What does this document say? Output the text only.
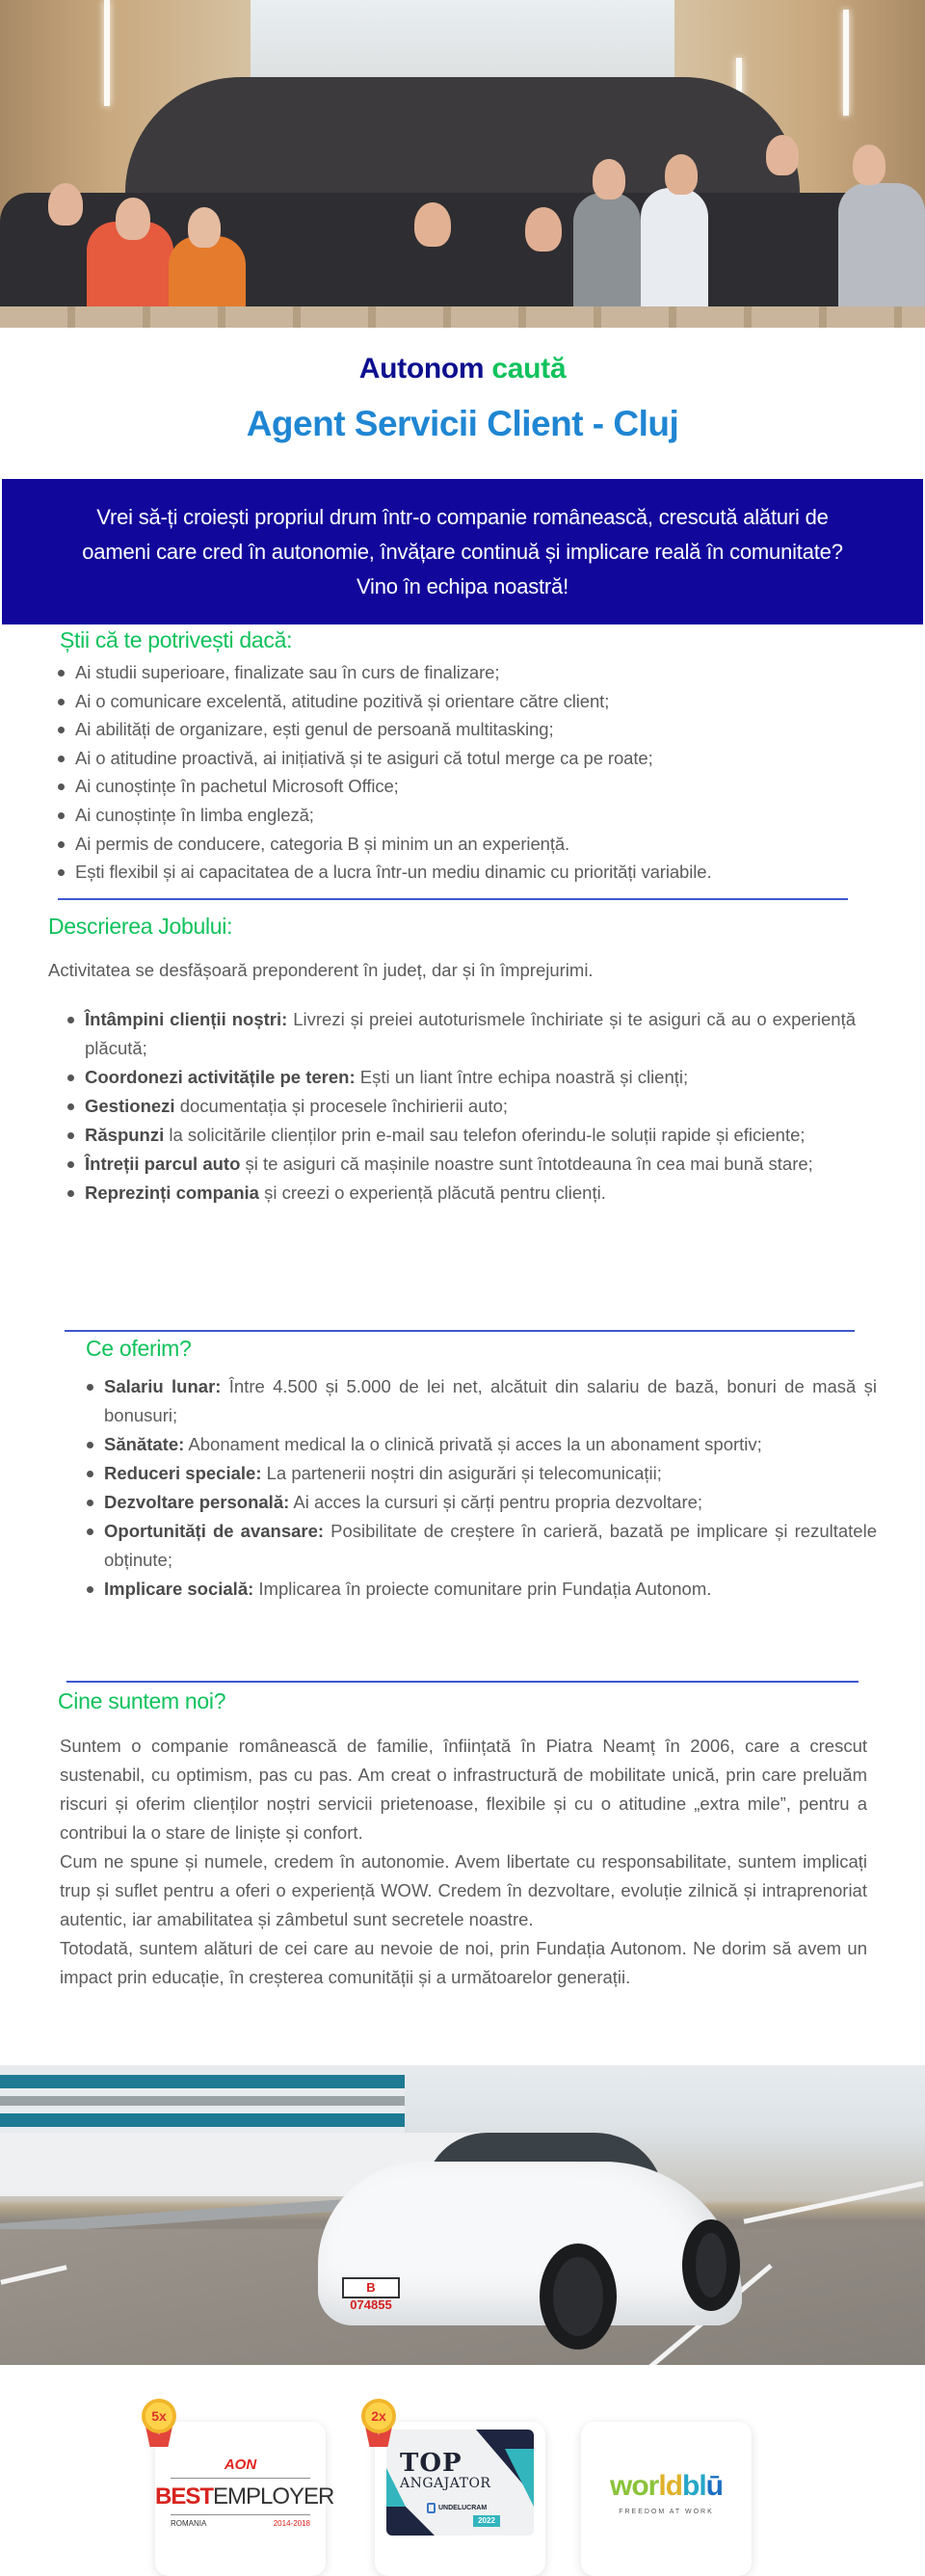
Autonom caută
Agent Servicii Client - Cluj

Vrei să-ți croiești propriul drum într-o companie românească, crescută alături de oameni care cred în autonomie, învățare continuă și implicare reală în comunitate? Vino în echipa noastră!

Știi că te potrivești dacă:
Ai studii superioare, finalizate sau în curs de finalizare;
Ai o comunicare excelentă, atitudine pozitivă și orientare către client;
Ai abilități de organizare, ești genul de persoană multitasking;
Ai o atitudine proactivă, ai inițiativă și te asiguri că totul merge ca pe roate;
Ai cunoștințe în pachetul Microsoft Office;
Ai cunoștințe în limba engleză;
Ai permis de conducere, categoria B și minim un an experiență.
Ești flexibil și ai capacitatea de a lucra într-un mediu dinamic cu priorități variabile.
Descrierea Jobului:
Activitatea se desfășoară preponderent în județ, dar și în împrejurimi.
Întâmpini clienții noștri: Livrezi și preiei autoturismele închiriate și te asiguri că au o experiență plăcută;
Coordonezi activitățile pe teren: Ești un liant între echipa noastră și clienți;
Gestionezi documentația și procesele închirierii auto;
Răspunzi la solicitările clienților prin e-mail sau telefon oferindu-le soluții rapide și eficiente;
Întreții parcul auto și te asiguri că mașinile noastre sunt întotdeauna în cea mai bună stare;
Reprezinți compania și creezi o experiență plăcută pentru clienți.
Ce oferim?
Salariu lunar: Între 4.500 și 5.000 de lei net, alcătuit din salariu de bază, bonuri de masă și bonusuri;
Sănătate: Abonament medical la o clinică privată și acces la un abonament sportiv;
Reduceri speciale: La partenerii noștri din asigurări și telecomunicații;
Dezvoltare personală: Ai acces la cursuri și cărți pentru propria dezvoltare;
Oportunități de avansare: Posibilitate de creștere în carieră, bazată pe implicare și rezultatele obținute;
Implicare socială: Implicarea în proiecte comunitare prin Fundația Autonom.
Cine suntem noi?

Suntem o companie românească de familie, înființată în Piatra Neamț în 2006, care a crescut sustenabil, cu optimism, pas cu pas. Am creat o infrastructură de mobilitate unică, prin care preluăm riscuri și oferim clienților noștri servicii prietenoase, flexibile și cu o atitudine „extra mile”, pentru a contribui la o stare de liniște și confort.

Cum ne spune și numele, credem în autonomie. Avem libertate cu responsabilitate, suntem implicați trup și suflet pentru a oferi o experiență WOW. Credem în dezvoltare, evoluție zilnică și intraprenoriat autentic, iar amabilitatea și zâmbetul sunt secretele noastre.

Totodată, suntem alături de cei care au nevoie de noi, prin Fundația Autonom. Ne dorim să avem un impact prin educație, în creșterea comunității și a următoarelor generații.

B 074855
5x
AON
BESTEMPLOYER
ROMANIA	2014-2018
TOP
ANGAJATOR
UNDELUCRAM
2022
2x
worldblū
FREEDOM AT WORK
